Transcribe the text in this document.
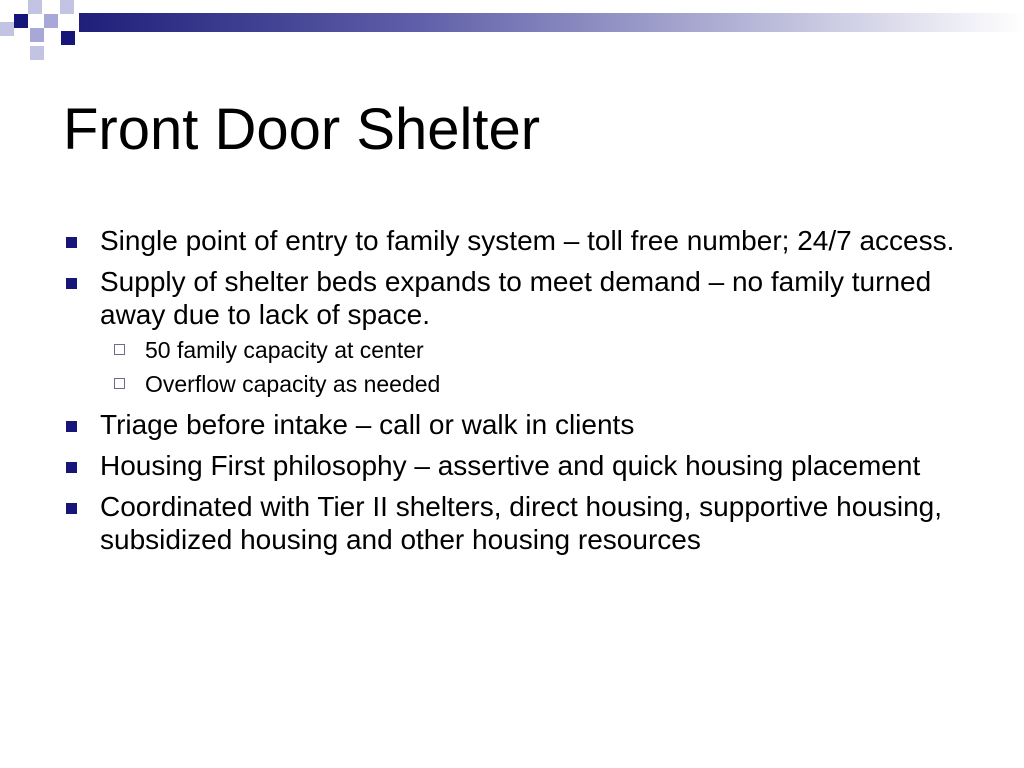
Front Door Shelter
Single point of entry to family system – toll free number; 24/7 access.
Supply of shelter beds expands to meet demand – no family turned away due to lack of space.
50 family capacity at center
Overflow capacity as needed
Triage before intake – call or walk in clients
Housing First philosophy – assertive and quick housing placement
Coordinated with Tier II shelters, direct housing, supportive housing, subsidized housing and other housing resources
